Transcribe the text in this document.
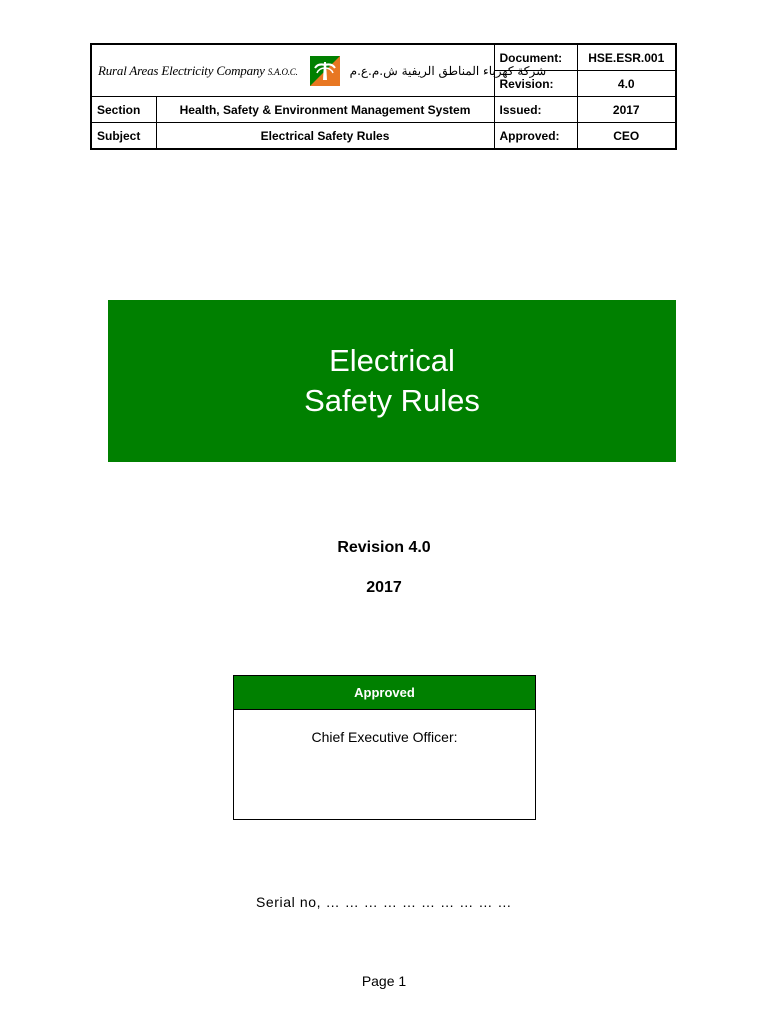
Rural Areas Electricity Company S.A.O.C. شركة كهرباء المناطق الريفية ش.م.ع.م		Document:	HSE.ESR.001
		Revision:	4.0
Section	Health, Safety & Environment Management System	Issued:	2017
Subject	Electrical Safety Rules	Approved:	CEO
Electrical
Safety Rules
Revision 4.0
2017
Approved
Chief Executive Officer:
Serial no, … … … … … … … … … …
Page 1
